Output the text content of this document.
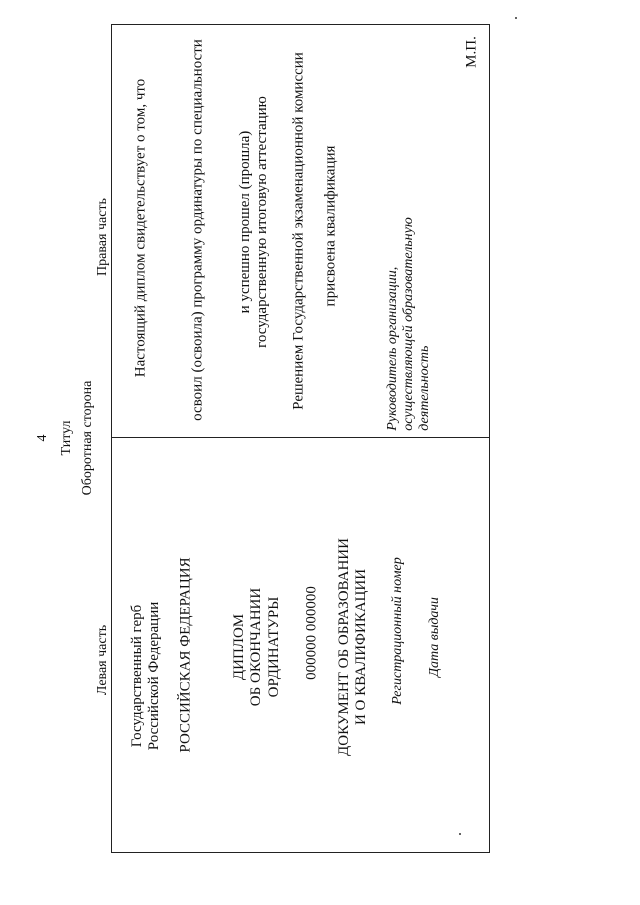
4 Титул Оборотная сторона
Левая часть
Правая часть
Государственный герб Российской Федерации РОССИЙСКАЯ ФЕДЕРАЦИЯ	ДИПЛОМ ОБ ОКОНЧАНИИ ОРДИНАТУРЫ 000000 000000 ДОКУМЕНТ ОБ ОБРАЗОВАНИИ И О КВАЛИФИКАЦИИ Регистрационный номер Дата выдачи
Настоящий диплом свидетельствует о том, что	освоил (освоила) программу ординатуры по специальности и успешно прошел (прошла) государственную итоговую аттестацию Решением Государственной экзаменационной комиссии присвоена квалификация
Руководитель организации, осуществляющей образовательную деятельность
М.П.
